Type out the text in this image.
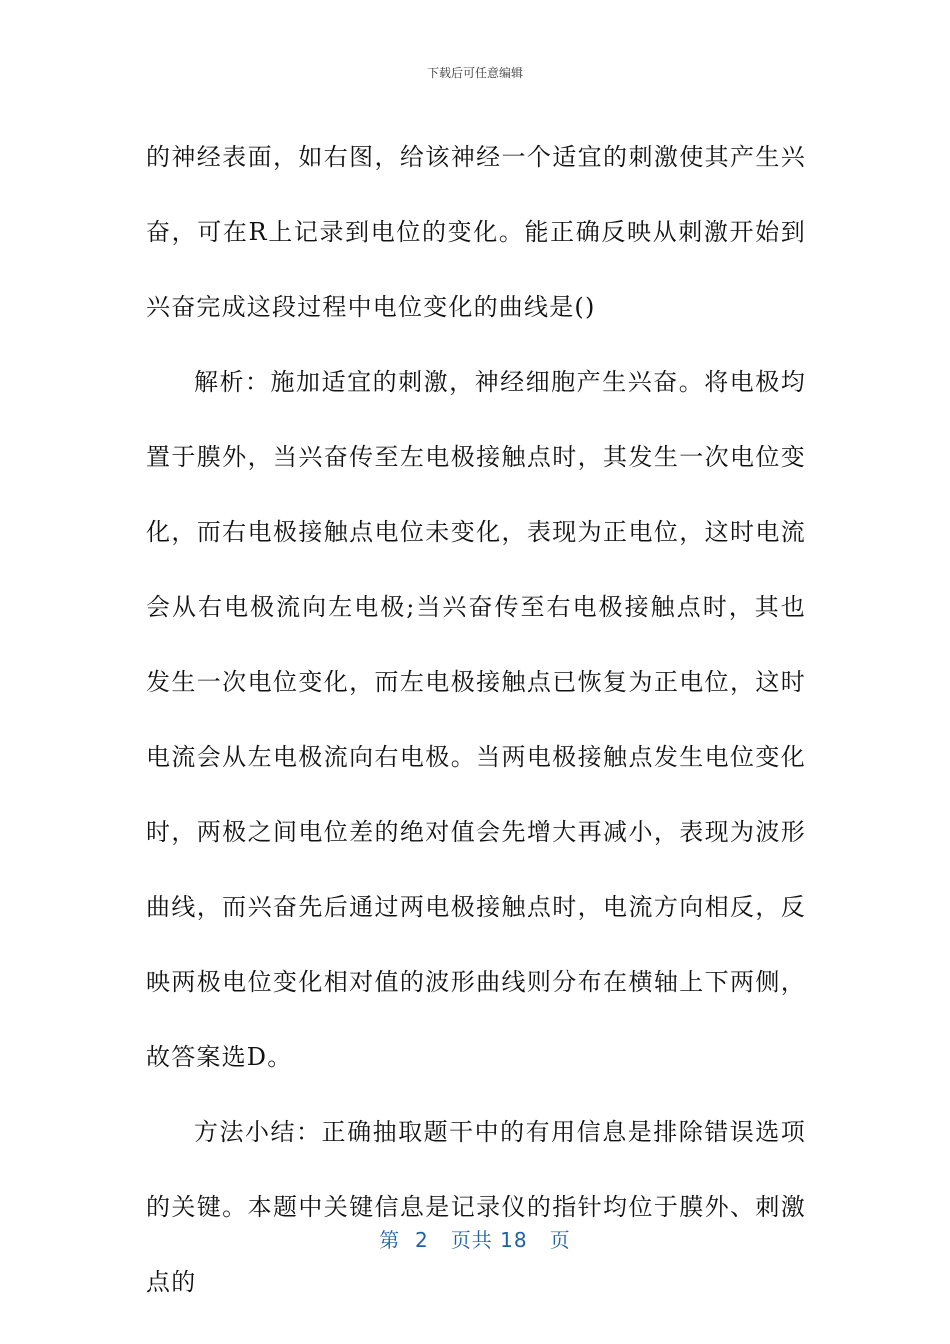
下载后可任意编辑

的神经表面，如右图，给该神经一个适宜的刺激使其产生兴奋，可在R上记录到电位的变化。能正确反映从刺激开始到兴奋完成这段过程中电位变化的曲线是()

解析：施加适宜的刺激，神经细胞产生兴奋。将电极均置于膜外，当兴奋传至左电极接触点时，其发生一次电位变化，而右电极接触点电位未变化，表现为正电位，这时电流会从右电极流向左电极;当兴奋传至右电极接触点时，其也发生一次电位变化，而左电极接触点已恢复为正电位，这时电流会从左电极流向右电极。当两电极接触点发生电位变化时，两极之间电位差的绝对值会先增大再减小，表现为波形曲线，而兴奋先后通过两电极接触点时，电流方向相反，反映两极电位变化相对值的波形曲线则分布在横轴上下两侧，故答案选D。

方法小结：正确抽取题干中的有用信息是排除错误选项的关键。本题中关键信息是记录仪的指针均位于膜外、刺激点的

第 2 页共 18 页
